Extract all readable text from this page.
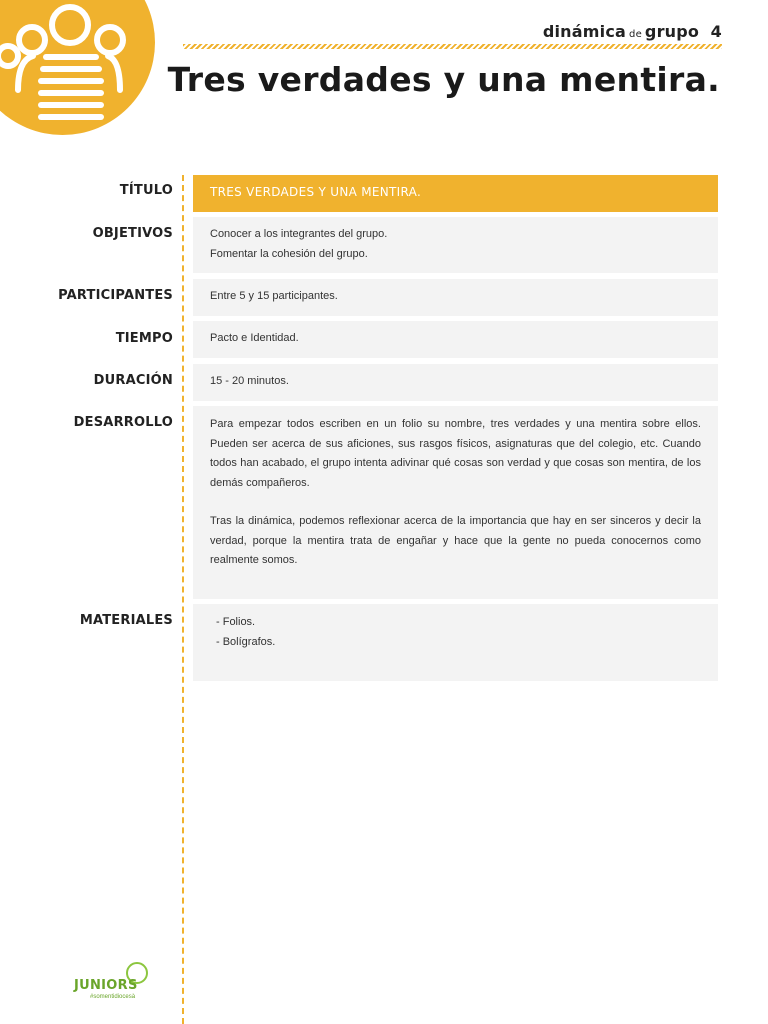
dinámica de grupo 4
Tres verdades y una mentira.
TÍTULO	TRES VERDADES Y UNA MENTIRA.
OBJETIVOS	Conocer a los integrantes del grupo.

Fomentar la cohesión del grupo.

PARTICIPANTES	Entre 5 y 15 participantes.

TIEMPO	Pacto e Identidad.

DURACIÓN	15 - 20 minutos.

DESARROLLO	Para empezar todos escriben en un folio su nombre, tres verdades y una mentira sobre ellos. Pueden ser acerca de sus aficiones, sus rasgos físicos, asignaturas que del colegio, etc. Cuando todos han acabado, el grupo intenta adivinar qué cosas son verdad y que cosas son mentira, de los demás compañeros.

Tras la dinámica, podemos reflexionar acerca de la importancia que hay en ser sinceros y decir la verdad, porque la mentira trata de engañar y hace que la gente no pueda conocernos como realmente somos.

MATERIALES	- Folios.

- Bolígrafos.

JUNIORS
#somentidiocesà
